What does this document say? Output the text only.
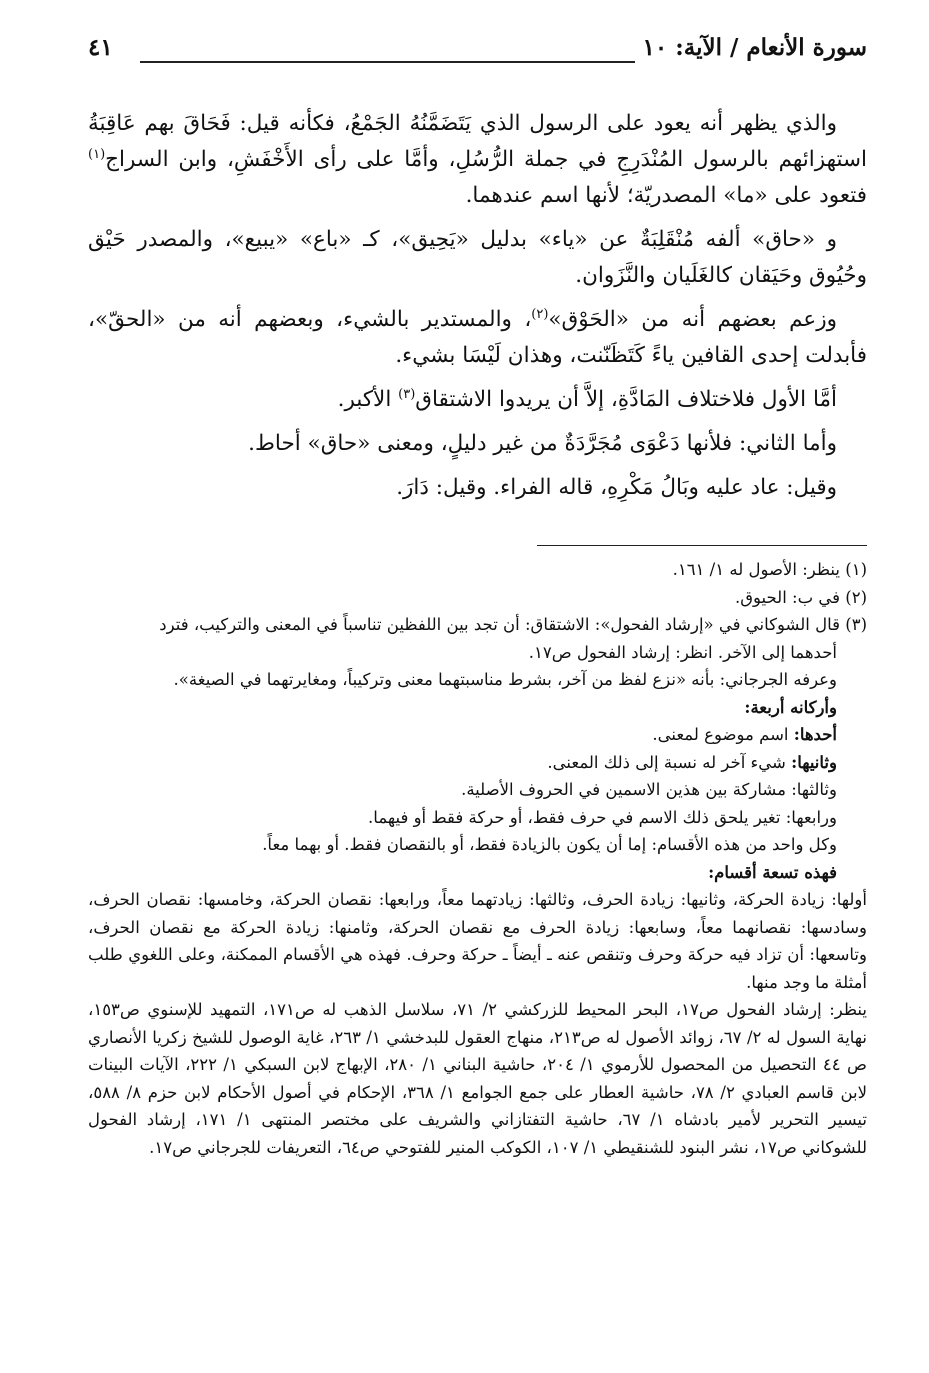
سورة الأنعام / الآية: ١٠
٤١

والذي يظهر أنه يعود على الرسول الذي يَتَضَمَّنُهُ الجَمْعُ، فكأنه قيل: فَحَاقَ بهم عَاقِبَةُ استهزائهم بالرسول المُنْدَرِجِ في جملة الرُّسُلِ، وأمَّا على رأى الأَخْفَشِ، وابن السراج$^{(١)}$ فتعود على «ما» المصدريّة؛ لأنها اسم عندهما.

و «حاق» ألفه مُنْقَلِبَةٌ عن «ياء» بدليل «يَحِيق»، كـ «باع» «يبيع»، والمصدر حَيْق وحُيُوق وحَيَقان كالغَلَيان والنَّزَوان.

وزعم بعضهم أنه من «الحَوْق»$^{(٢)}$، والمستدير بالشيء، وبعضهم أنه من «الحقّ»، فأبدلت إحدى القافين ياءً كَتَظَنّنت، وهذان لَيْسَا بشيء.

أمَّا الأول فلاختلاف المَادَّةِ، إلاَّ أن يريدوا الاشتقاق$^{(٣)}$ الأكبر.

وأما الثاني: فلأنها دَعْوَى مُجَرَّدَةٌ من غير دليلٍ، ومعنى «حاق» أحاط.

وقيل: عاد عليه وبَالُ مَكْرِهِ، قاله الفراء. وقيل: دَارَ.

(١) ينظر: الأصول له ١/ ١٦١.

(٢) في ب: الحيوق.

(٣) قال الشوكاني في «إرشاد الفحول»: الاشتقاق: أن تجد بين اللفظين تناسباً في المعنى والتركيب، فترد

أحدهما إلى الآخر. انظر: إرشاد الفحول ص١٧.

وعرفه الجرجاني: بأنه «نزع لفظ من آخر، بشرط مناسبتهما معنى وتركيباً، ومغايرتهما في الصيغة».

وأركانه أربعة:

أحدها: اسم موضوع لمعنى.

وثانيها: شيء آخر له نسبة إلى ذلك المعنى.

وثالثها: مشاركة بين هذين الاسمين في الحروف الأصلية.

ورابعها: تغير يلحق ذلك الاسم في حرف فقط، أو حركة فقط أو فيهما.

وكل واحد من هذه الأقسام: إما أن يكون بالزيادة فقط، أو بالنقصان فقط. أو بهما معاً.

فهذه تسعة أقسام:

أولها: زيادة الحركة، وثانيها: زيادة الحرف، وثالثها: زيادتهما معاً، ورابعها: نقصان الحركة، وخامسها: نقصان الحرف، وسادسها: نقصانهما معاً، وسابعها: زيادة الحرف مع نقصان الحركة، وثامنها: زيادة الحركة مع نقصان الحرف، وتاسعها: أن تزاد فيه حركة وحرف وتنقص عنه ـ أيضاً ـ حركة وحرف. فهذه هي الأقسام الممكنة، وعلى اللغوي طلب أمثلة ما وجد منها.

ينظر: إرشاد الفحول ص١٧، البحر المحيط للزركشي ٢/ ٧١، سلاسل الذهب له ص١٧١، التمهيد للإسنوي ص١٥٣، نهاية السول له ٢/ ٦٧، زوائد الأصول له ص٢١٣، منهاج العقول للبدخشي ١/ ٢٦٣، غاية الوصول للشيخ زكريا الأنصاري ص ٤٤ التحصيل من المحصول للأرموي ١/ ٢٠٤، حاشية البناني ١/ ٢٨٠، الإبهاج لابن السبكي ١/ ٢٢٢، الآيات البينات لابن قاسم العبادي ٢/ ٧٨، حاشية العطار على جمع الجوامع ١/ ٣٦٨، الإحكام في أصول الأحكام لابن حزم ٨/ ٥٨٨، تيسير التحرير لأمير بادشاه ١/ ٦٧، حاشية التفتازاني والشريف على مختصر المنتهى ١/ ١٧١، إرشاد الفحول للشوكاني ص١٧، نشر البنود للشنقيطي ١/ ١٠٧، الكوكب المنير للفتوحي ص٦٤، التعريفات للجرجاني ص١٧.
